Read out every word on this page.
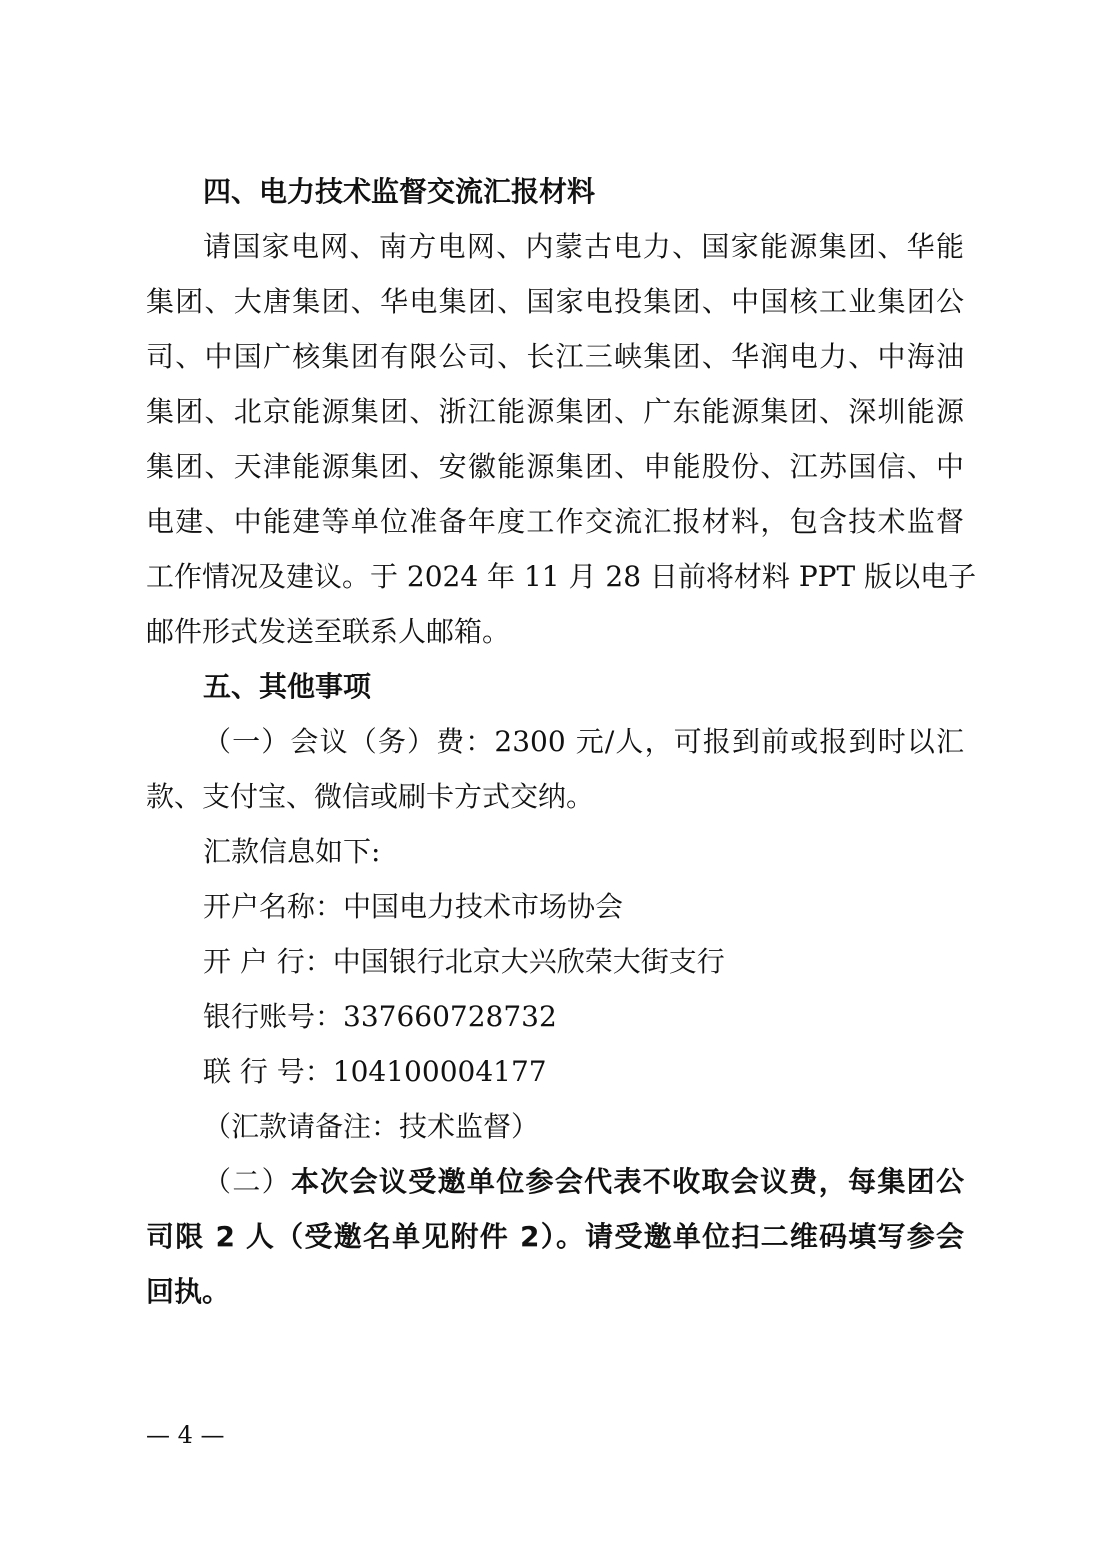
四、电力技术监督交流汇报材料
请国家电网、南方电网、内蒙古电力、国家能源集团、华能
集团、大唐集团、华电集团、国家电投集团、中国核工业集团公
司、中国广核集团有限公司、长江三峡集团、华润电力、中海油
集团、北京能源集团、浙江能源集团、广东能源集团、深圳能源
集团、天津能源集团、安徽能源集团、申能股份、江苏国信、中
电建、中能建等单位准备年度工作交流汇报材料，包含技术监督
工作情况及建议。于 2024 年 11 月 28 日前将材料 PPT 版以电子
邮件形式发送至联系人邮箱。
五、其他事项
（一）会议（务）费：2300 元/人，可报到前或报到时以汇
款、支付宝、微信或刷卡方式交纳。
汇款信息如下:
开户名称：中国电力技术市场协会
开 户 行：中国银行北京大兴欣荣大街支行
银行账号：337660728732
联 行 号：104100004177
（汇款请备注：技术监督）
（二）本次会议受邀单位参会代表不收取会议费，每集团公
司限 2 人（受邀名单见附件 2）。请受邀单位扫二维码填写参会
回执。
— 4 —
